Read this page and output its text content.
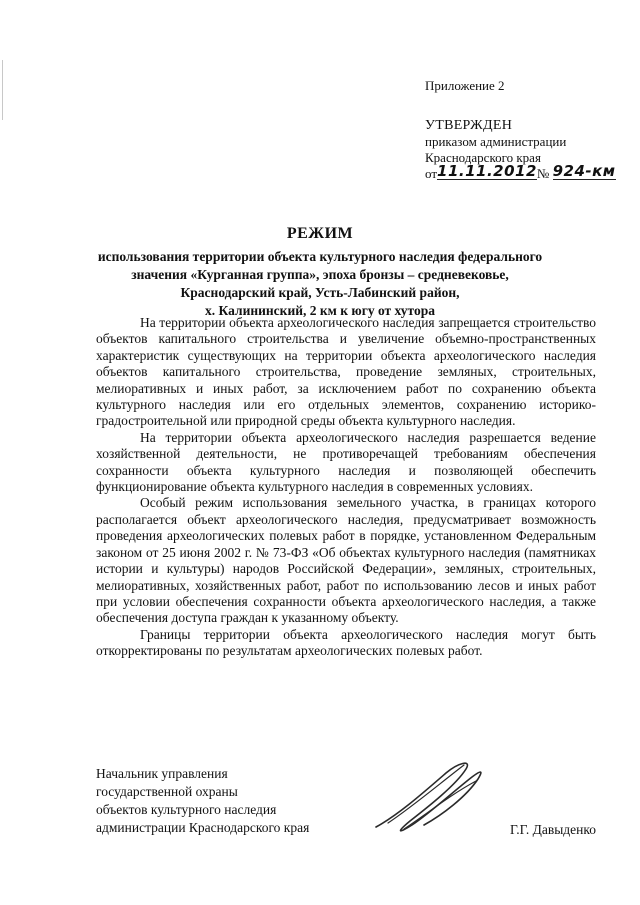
Приложение 2
УТВЕРЖДЕН
приказом администрации
Краснодарского края
от11.11.2012№ 924-км
РЕЖИМ
использования территории объекта культурного наследия федерального
значения «Курганная группа», эпоха бронзы – средневековье,
Краснодарский край, Усть-Лабинский район,
х. Калининский, 2 км к югу от хутора

На территории объекта археологического наследия запрещается строительство объектов капитального строительства и увеличение объемно-пространственных характеристик существующих на территории объекта археологического наследия объектов капитального строительства, проведение земляных, строительных, мелиоративных и иных работ, за исключением работ по сохранению объекта культурного наследия или его отдельных элементов, сохранению историко-градостроительной или природной среды объекта культурного наследия.

На территории объекта археологического наследия разрешается ведение хозяйственной деятельности, не противоречащей требованиям обеспечения сохранности объекта культурного наследия и позволяющей обеспечить функционирование объекта культурного наследия в современных условиях.

Особый режим использования земельного участка, в границах которого располагается объект археологического наследия, предусматривает возможность проведения археологических полевых работ в порядке, установленном Федеральным законом от 25 июня 2002 г. № 73-ФЗ «Об объектах культурного наследия (памятниках истории и культуры) народов Российской Федерации», земляных, строительных, мелиоративных, хозяйственных работ, работ по использованию лесов и иных работ при условии обеспечения сохранности объекта археологического наследия, а также обеспечения доступа граждан к указанному объекту.

Границы территории объекта археологического наследия могут быть откорректированы по результатам археологических полевых работ.

Начальник управления
государственной охраны
объектов культурного наследия
администрации Краснодарского края	Г.Г. Давыденко
